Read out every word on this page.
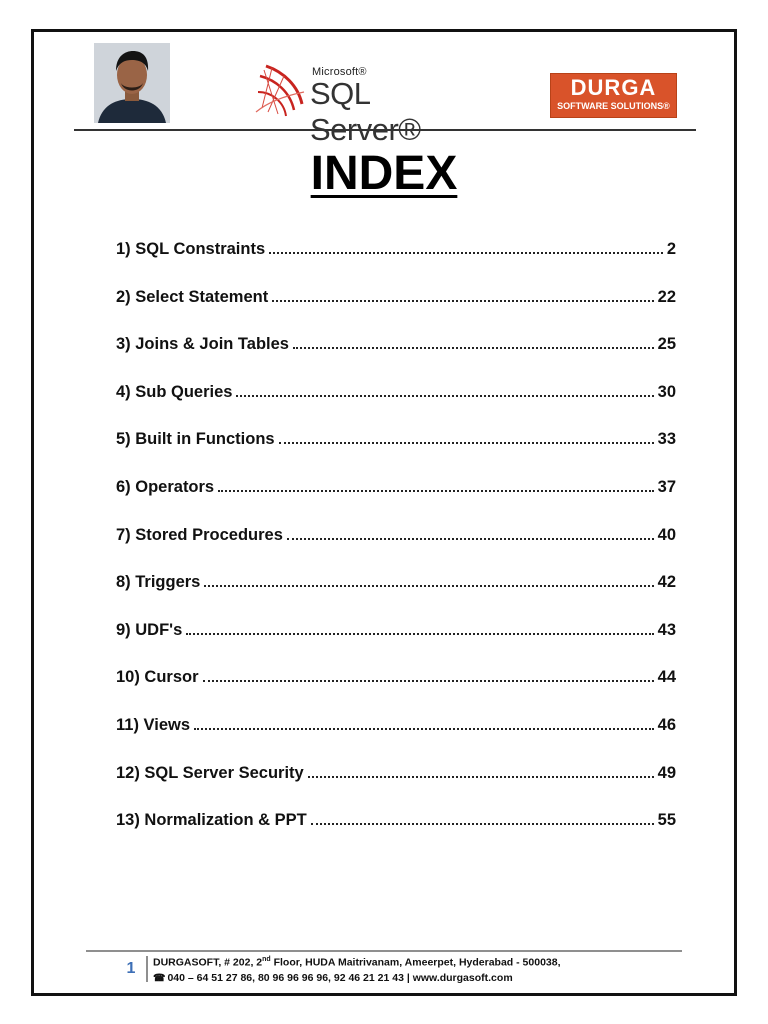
Microsoft®
SQL Server®
DURGA
SOFTWARE SOLUTIONS®
INDEX
1) SQL Constraints	2
2) Select Statement	22
3) Joins & Join Tables	25
4) Sub Queries	30
5) Built in Functions	33
6) Operators	37
7) Stored Procedures	40
8) Triggers	42
9) UDF's	43
10) Cursor	44
11) Views	46
12) SQL Server Security	49
13) Normalization & PPT	55
1	DURGASOFT, # 202, 2nd Floor, HUDA Maitrivanam, Ameerpet, Hyderabad - 500038,
☎ 040 – 64 51 27 86, 80 96 96 96 96, 92 46 21 21 43 | www.durgasoft.com
